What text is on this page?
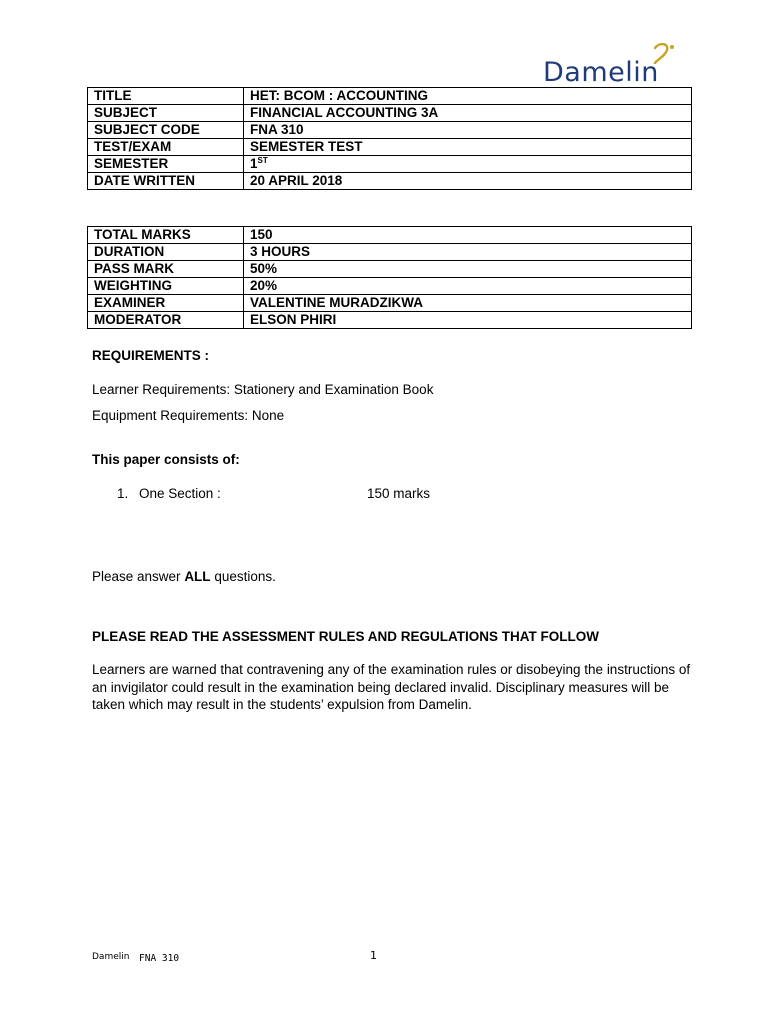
Damelin
TITLE	HET: BCOM : ACCOUNTING
SUBJECT	FINANCIAL ACCOUNTING 3A
SUBJECT CODE	FNA 310
TEST/EXAM	SEMESTER TEST
SEMESTER	1ST
DATE WRITTEN	20 APRIL 2018
TOTAL MARKS	150
DURATION	3 HOURS
PASS MARK	50%
WEIGHTING	20%
EXAMINER	VALENTINE MURADZIKWA
MODERATOR	ELSON PHIRI
REQUIREMENTS :
Learner Requirements: Stationery and Examination Book
Equipment Requirements: None
This paper consists of:
1. One Section :	150 marks
Please answer ALL questions.
PLEASE READ THE ASSESSMENT RULES AND REGULATIONS THAT FOLLOW
Learners are warned that contravening any of the examination rules or disobeying the instructions of an invigilator could result in the examination being declared invalid. Disciplinary measures will be taken which may result in the students’ expulsion from Damelin.
Damelin FNA 310	1
